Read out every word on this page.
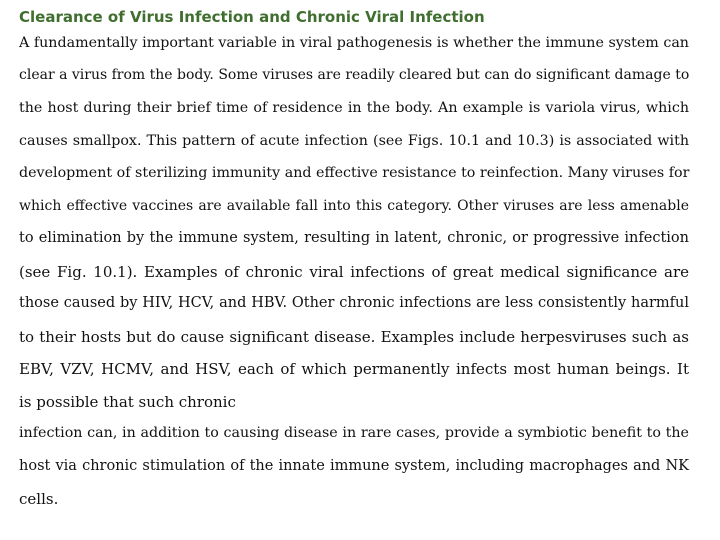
Clearance of Virus Infection and Chronic Viral Infection
A fundamentally important variable in viral pathogenesis is whether the immune system can
clear a virus from the body. Some viruses are readily cleared but can do significant damage to
the host during their brief time of residence in the body. An example is variola virus, which
causes smallpox. This pattern of acute infection (see Figs. 10.1 and 10.3) is associated with
development of sterilizing immunity and effective resistance to reinfection. Many viruses for
which effective vaccines are available fall into this category. Other viruses are less amenable
to elimination by the immune system, resulting in latent, chronic, or progressive infection
(see Fig. 10.1). Examples of chronic viral infections of great medical significance are
those caused by HIV, HCV, and HBV. Other chronic infections are less consistently harmful
to their hosts but do cause significant disease. Examples include herpesviruses such as
EBV, VZV, HCMV, and HSV, each of which permanently infects most human beings. It
is possible that such chronic
infection can, in addition to causing disease in rare cases, provide a symbiotic benefit to the
host via chronic stimulation of the innate immune system, including macrophages and NK
cells.
